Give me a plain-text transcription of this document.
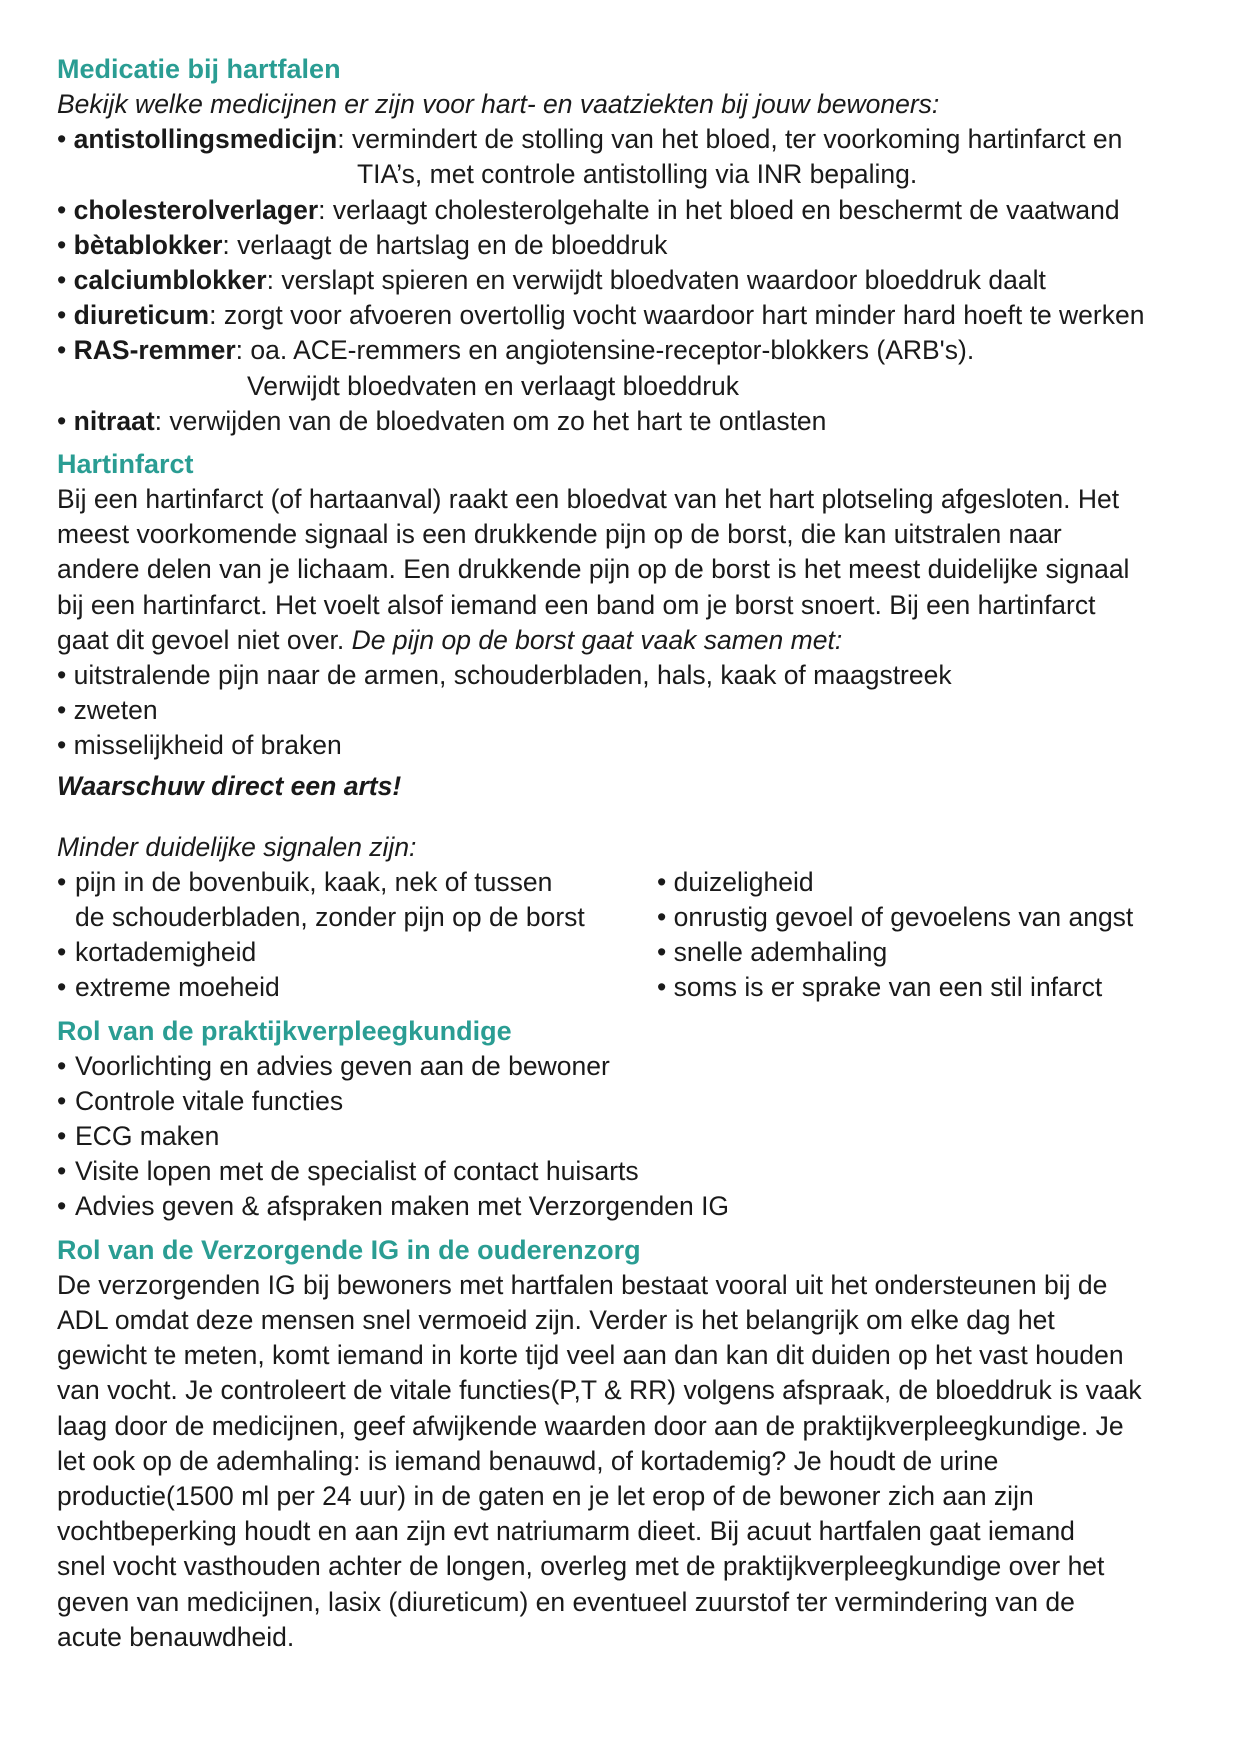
Medicatie bij hartfalen

Bekijk welke medicijnen er zijn voor hart- en vaatziekten bij jouw bewoners:

• antistollingsmedicijn: vermindert de stolling van het bloed, ter voorkoming hartinfarct en

TIA’s, met controle antistolling via INR bepaling.

• cholesterolverlager: verlaagt cholesterolgehalte in het bloed en beschermt de vaatwand

• bètablokker: verlaagt de hartslag en de bloeddruk

• calciumblokker: verslapt spieren en verwijdt bloedvaten waardoor bloeddruk daalt

• diureticum: zorgt voor afvoeren overtollig vocht waardoor hart minder hard hoeft te werken

• RAS-remmer: oa. ACE-remmers en angiotensine-receptor-blokkers (ARB's).

Verwijdt bloedvaten en verlaagt bloeddruk

• nitraat: verwijden van de bloedvaten om zo het hart te ontlasten

Hartinfarct

Bij een hartinfarct (of hartaanval) raakt een bloedvat van het hart plotseling afgesloten. Het

meest voorkomende signaal is een drukkende pijn op de borst, die kan uitstralen naar

andere delen van je lichaam. Een drukkende pijn op de borst is het meest duidelijke signaal

bij een hartinfarct. Het voelt alsof iemand een band om je borst snoert. Bij een hartinfarct

gaat dit gevoel niet over. De pijn op de borst gaat vaak samen met:

• uitstralende pijn naar de armen, schouderbladen, hals, kaak of maagstreek

• zweten

• misselijkheid of braken

Waarschuw direct een arts!

Minder duidelijke signalen zijn:

• pijn in de bovenbuik, kaak, nek of tussen

de schouderbladen, zonder pijn op de borst

• kortademigheid

• extreme moeheid

• duizeligheid

• onrustig gevoel of gevoelens van angst

• snelle ademhaling

• soms is er sprake van een stil infarct

Rol van de praktijkverpleegkundige

• Voorlichting en advies geven aan de bewoner

• Controle vitale functies

• ECG maken

• Visite lopen met de specialist of contact huisarts

• Advies geven & afspraken maken met Verzorgenden IG

Rol van de Verzorgende IG in de ouderenzorg

De verzorgenden IG bij bewoners met hartfalen bestaat vooral uit het ondersteunen bij de

ADL omdat deze mensen snel vermoeid zijn. Verder is het belangrijk om elke dag het

gewicht te meten, komt iemand in korte tijd veel aan dan kan dit duiden op het vast houden

van vocht. Je controleert de vitale functies(P,T & RR) volgens afspraak, de bloeddruk is vaak

laag door de medicijnen, geef afwijkende waarden door aan de praktijkverpleegkundige. Je

let ook op de ademhaling: is iemand benauwd, of kortademig? Je houdt de urine

productie(1500 ml per 24 uur) in de gaten en je let erop of de bewoner zich aan zijn

vochtbeperking houdt en aan zijn evt natriumarm dieet. Bij acuut hartfalen gaat iemand

snel vocht vasthouden achter de longen, overleg met de praktijkverpleegkundige over het

geven van medicijnen, lasix (diureticum) en eventueel zuurstof ter vermindering van de

acute benauwdheid.
